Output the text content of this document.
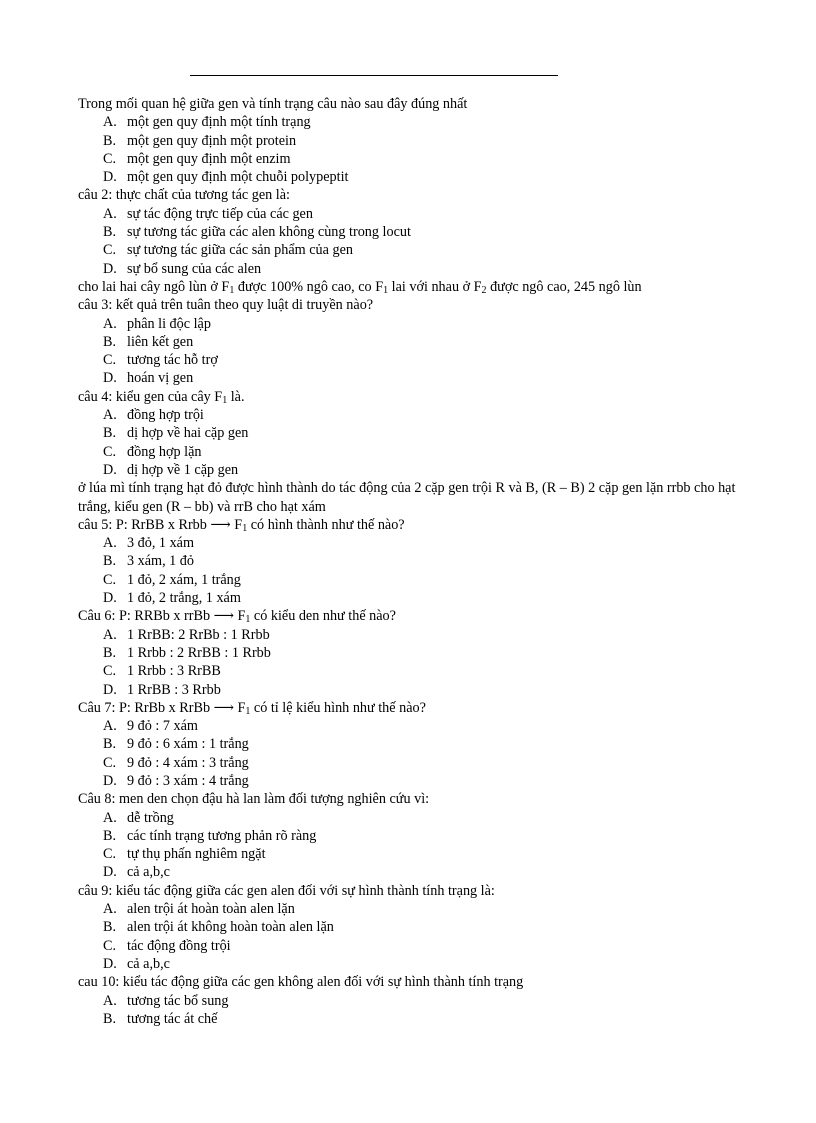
Trong mối quan hệ giữa gen và tính trạng câu nào sau đây đúng nhất
A. một gen quy định một tính trạng
B. một gen quy định một protein
C. một gen quy định một enzim
D. một gen quy định một chuỗi polypeptit
câu 2: thực chất của tương tác gen là:
A. sự tác động trực tiếp của các gen
B. sự tương tác giữa các alen không cùng trong locut
C. sự tương tác giữa các sản phẩm của gen
D. sự bổ sung của các alen
cho lai hai cây ngô lùn ở $F_1$ được 100% ngô cao, co $F_1$ lai với nhau ở $F_2$ được ngô cao, 245 ngô lùn
câu 3: kết quả trên tuân theo quy luật di truyền nào?
A. phân li độc lập
B. liên kết gen
C. tương tác hỗ trợ
D. hoán vị gen
câu 4: kiểu gen của cây $F_1$ là.
A. đồng hợp trội
B. dị hợp về hai cặp gen
C. đồng hợp lặn
D. dị hợp về 1 cặp gen
ở lúa mì tính trạng hạt đỏ được hình thành do tác động của 2 cặp gen trội R và B, (R – B) 2 cặp gen lặn rrbb cho hạt trắng, kiểu gen (R – bb) và rrB cho hạt xám
câu 5: P: RrBB x Rrbb ⟶ $F_1$ có hình thành như thế nào?
A. 3 đỏ, 1 xám
B. 3 xám, 1 đỏ
C. 1 đỏ, 2 xám, 1 trắng
D. 1 đỏ, 2 trắng, 1 xám
Câu 6: P: RRBb x rrBb ⟶ $F_1$ có kiểu den như thế nào?
A. 1 RrBB: 2 RrBb : 1 Rrbb
B. 1 Rrbb : 2 RrBB : 1 Rrbb
C. 1 Rrbb : 3 RrBB
D. 1 RrBB : 3 Rrbb
Câu 7: P: RrBb x RrBb ⟶ $F_1$ có tỉ lệ kiểu hình như thế nào?
A. 9 đỏ : 7 xám
B. 9 đỏ : 6 xám : 1 trắng
C. 9 đỏ : 4 xám : 3 trắng
D. 9 đỏ : 3 xám : 4 trắng
Câu 8: men den chọn đậu hà lan làm đối tượng nghiên cứu vì:
A. dễ trồng
B. các tính trạng tương phản rõ ràng
C. tự thụ phấn nghiêm ngặt
D. cả a,b,c
câu 9: kiểu tác động giữa các gen alen đối với sự hình thành tính trạng là:
A. alen trội át hoàn toàn alen lặn
B. alen trội át không hoàn toàn alen lặn
C. tác động đồng trội
D. cả a,b,c
cau 10: kiểu tác động giữa các gen không alen đối với sự hình thành tính trạng
A. tương tác bổ sung
B. tương tác át chế
